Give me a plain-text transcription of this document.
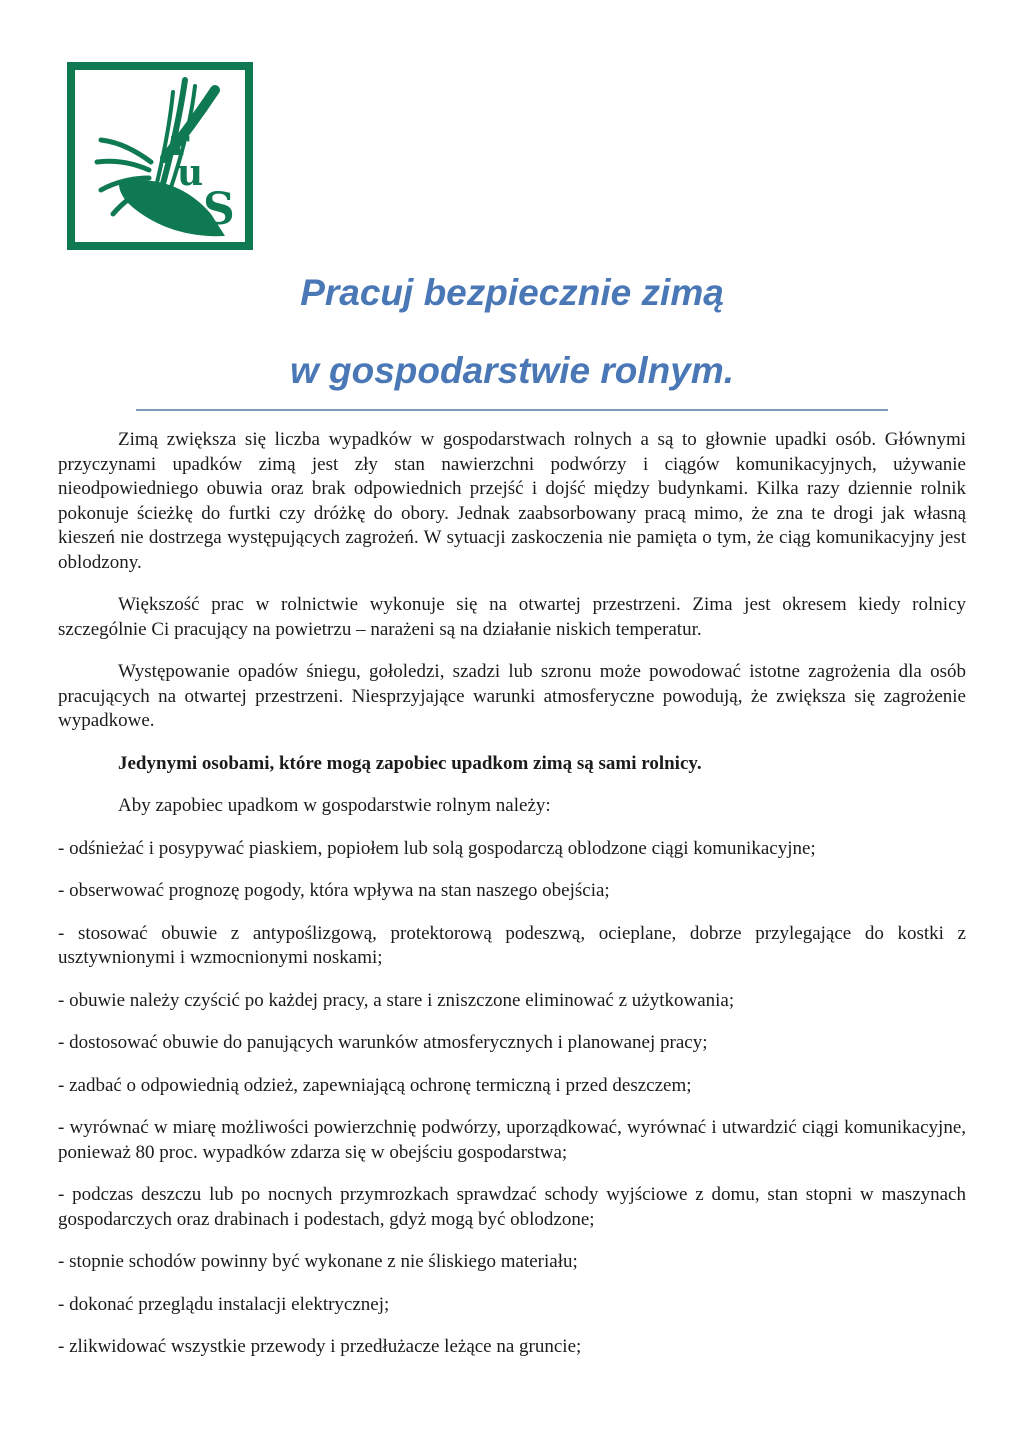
r
u
S
Pracuj bezpiecznie zimą
w gospodarstwie rolnym.

Zimą zwiększa się liczba wypadków w gospodarstwach rolnych a są to głownie upadki osób. Głównymi przyczynami upadków zimą jest zły stan nawierzchni podwórzy i ciągów komunikacyjnych, używanie nieodpowiedniego obuwia oraz brak odpowiednich przejść i dojść między budynkami. Kilka razy dziennie rolnik pokonuje ścieżkę do furtki czy dróżkę do obory. Jednak zaabsorbowany pracą mimo, że zna te drogi jak własną kieszeń nie dostrzega występujących zagrożeń. W sytuacji zaskoczenia nie pamięta o tym, że ciąg komunikacyjny jest oblodzony.

Większość prac w rolnictwie wykonuje się na otwartej przestrzeni. Zima jest okresem kiedy rolnicy szczególnie Ci pracujący na powietrzu – narażeni są na działanie niskich temperatur.

Występowanie opadów śniegu, gołoledzi, szadzi lub szronu może powodować istotne zagrożenia dla osób pracujących na otwartej przestrzeni. Niesprzyjające warunki atmosferyczne powodują, że zwiększa się zagrożenie wypadkowe.

Jedynymi osobami, które mogą zapobiec upadkom zimą są sami rolnicy.

Aby zapobiec upadkom w gospodarstwie rolnym należy:

- odśnieżać i posypywać piaskiem, popiołem lub solą gospodarczą oblodzone ciągi komunikacyjne;

- obserwować prognozę pogody, która wpływa na stan naszego obejścia;

- stosować obuwie z antypoślizgową, protektorową podeszwą, ocieplane, dobrze przylegające do kostki z usztywnionymi i wzmocnionymi noskami;

- obuwie należy czyścić po każdej pracy, a stare i zniszczone eliminować z użytkowania;

- dostosować obuwie do panujących warunków atmosferycznych i planowanej pracy;

- zadbać o odpowiednią odzież, zapewniającą ochronę termiczną i przed deszczem;

- wyrównać w miarę możliwości powierzchnię podwórzy, uporządkować, wyrównać i utwardzić ciągi komunikacyjne, ponieważ 80 proc. wypadków zdarza się w obejściu gospodarstwa;

- podczas deszczu lub po nocnych przymrozkach sprawdzać schody wyjściowe z domu, stan stopni w maszynach gospodarczych oraz drabinach i podestach, gdyż mogą być oblodzone;

- stopnie schodów powinny być wykonane z nie śliskiego materiału;

- dokonać przeglądu instalacji elektrycznej;

- zlikwidować wszystkie przewody i przedłużacze leżące na gruncie;
